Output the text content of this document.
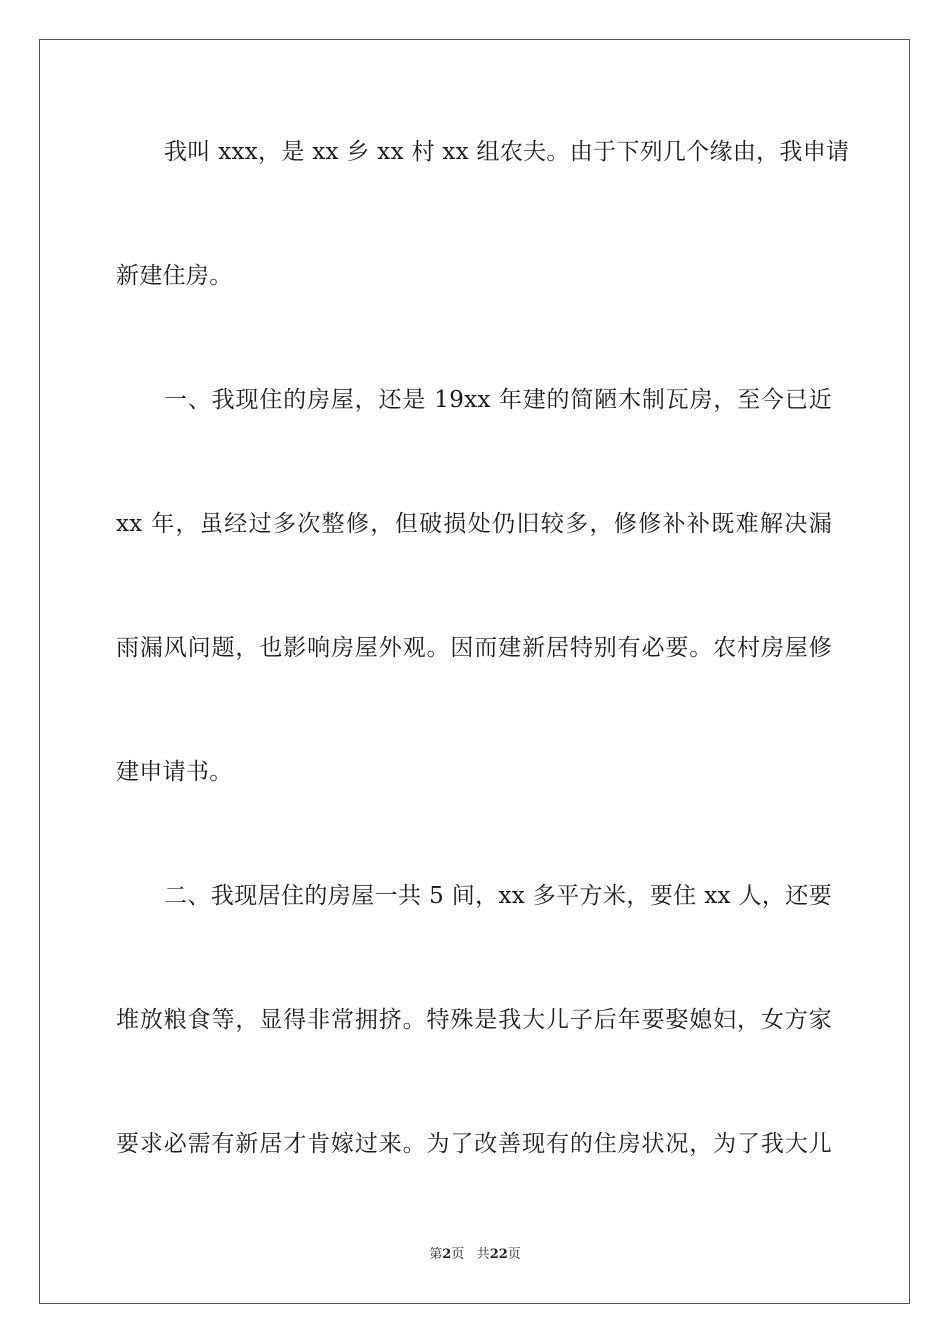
我叫 xxx，是 xx 乡 xx 村 xx 组农夫。由于下列几个缘由，我申请
新建住房。
一、我现住的房屋，还是 19xx 年建的简陋木制瓦房，至今已近
xx 年，虽经过多次整修，但破损处仍旧较多，修修补补既难解决漏
雨漏风问题，也影响房屋外观。因而建新居特别有必要。农村房屋修
建申请书。
二、我现居住的房屋一共 5 间，xx 多平方米，要住 xx 人，还要
堆放粮食等，显得非常拥挤。特殊是我大儿子后年要娶媳妇，女方家
要求必需有新居才肯嫁过来。为了改善现有的住房状况，为了我大儿
第2页 共22页
